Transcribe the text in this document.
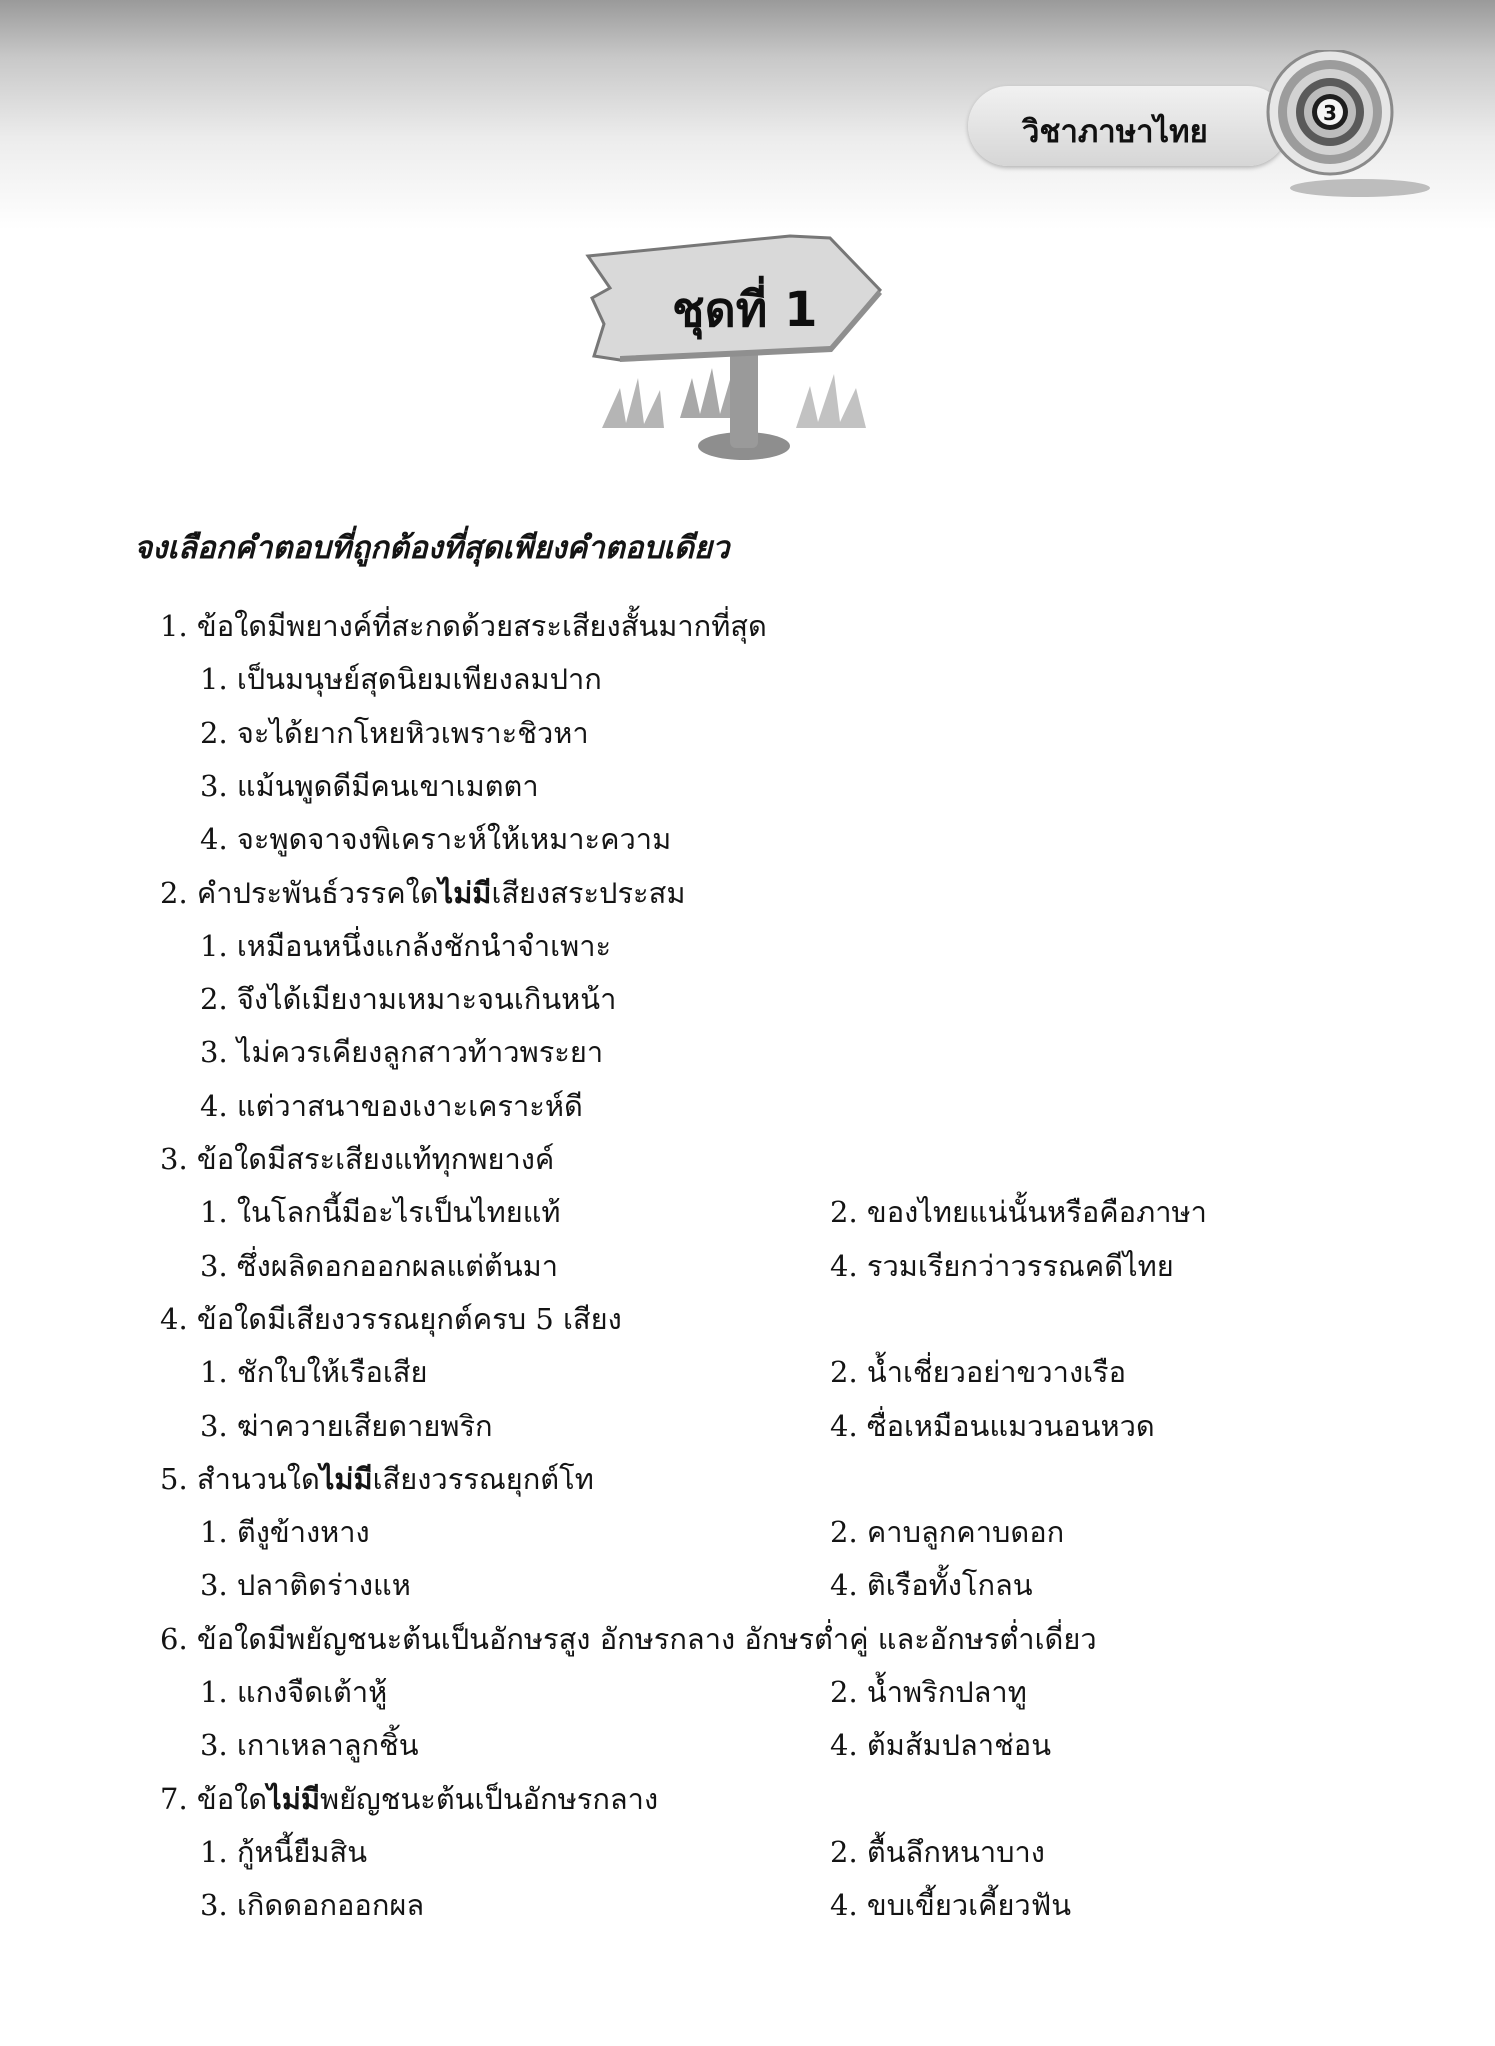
วิชาภาษาไทย
3
ชุดที่ 1
จงเลือกคำตอบที่ถูกต้องที่สุดเพียงคำตอบเดียว
1. ข้อใดมีพยางค์ที่สะกดด้วยสระเสียงสั้นมากที่สุด
1. เป็นมนุษย์สุดนิยมเพียงลมปาก
2. จะได้ยากโหยหิวเพราะชิวหา
3. แม้นพูดดีมีคนเขาเมตตา
4. จะพูดจาจงพิเคราะห์ให้เหมาะความ
2. คำประพันธ์วรรคใดไม่มีเสียงสระประสม
1. เหมือนหนึ่งแกล้งชักนำจำเพาะ
2. จึงได้เมียงามเหมาะจนเกินหน้า
3. ไม่ควรเคียงลูกสาวท้าวพระยา
4. แต่วาสนาของเงาะเคราะห์ดี
3. ข้อใดมีสระเสียงแท้ทุกพยางค์
1. ในโลกนี้มีอะไรเป็นไทยแท้	2. ของไทยแน่นั้นหรือคือภาษา
3. ซึ่งผลิดอกออกผลแต่ต้นมา	4. รวมเรียกว่าวรรณคดีไทย
4. ข้อใดมีเสียงวรรณยุกต์ครบ 5 เสียง
1. ชักใบให้เรือเสีย	2. น้ำเชี่ยวอย่าขวางเรือ
3. ฆ่าควายเสียดายพริก	4. ซื่อเหมือนแมวนอนหวด
5. สำนวนใดไม่มีเสียงวรรณยุกต์โท
1. ตีงูข้างหาง	2. คาบลูกคาบดอก
3. ปลาติดร่างแห	4. ติเรือทั้งโกลน
6. ข้อใดมีพยัญชนะต้นเป็นอักษรสูง อักษรกลาง อักษรต่ำคู่ และอักษรต่ำเดี่ยว
1. แกงจืดเต้าหู้	2. น้ำพริกปลาทู
3. เกาเหลาลูกชิ้น	4. ต้มส้มปลาช่อน
7. ข้อใดไม่มีพยัญชนะต้นเป็นอักษรกลาง
1. กู้หนี้ยืมสิน	2. ตื้นลึกหนาบาง
3. เกิดดอกออกผล	4. ขบเขี้ยวเคี้ยวฟัน
